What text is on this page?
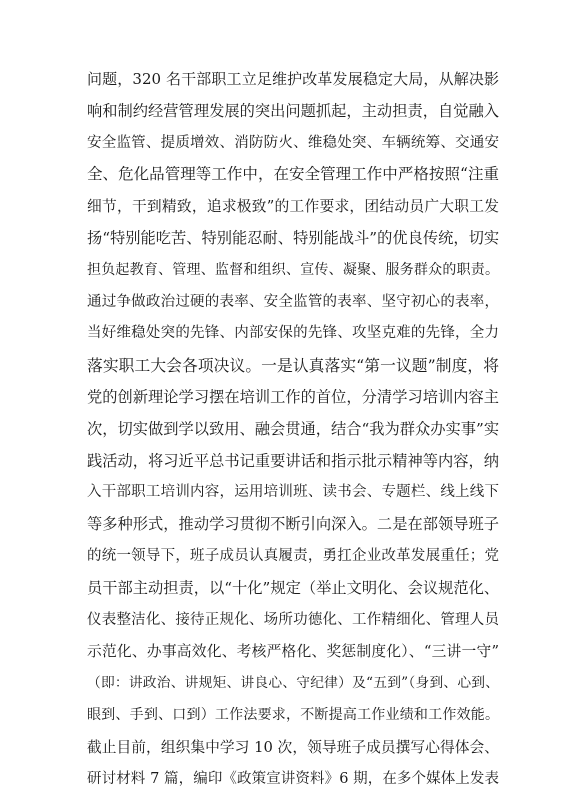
问题，320 名干部职工立足维护改革发展稳定大局，从解决影
响和制约经营管理发展的突出问题抓起，主动担责，自觉融入
安全监管、提质增效、消防防火、维稳处突、车辆统筹、交通安
全、危化品管理等工作中，在安全管理工作中严格按照“注重
细节，干到精致，追求极致”的工作要求，团结动员广大职工发
扬“特别能吃苦、特别能忍耐、特别能战斗”的优良传统，切实
担负起教育、管理、监督和组织、宣传、凝聚、服务群众的职责。
通过争做政治过硬的表率、安全监管的表率、坚守初心的表率，
当好维稳处突的先锋、内部安保的先锋、攻坚克难的先锋，全力
落实职工大会各项决议。一是认真落实“第一议题”制度，将
党的创新理论学习摆在培训工作的首位，分清学习培训内容主
次，切实做到学以致用、融会贯通，结合“我为群众办实事”实
践活动，将习近平总书记重要讲话和指示批示精神等内容，纳
入干部职工培训内容，运用培训班、读书会、专题栏、线上线下
等多种形式，推动学习贯彻不断引向深入。二是在部领导班子
的统一领导下，班子成员认真履责，勇扛企业改革发展重任；党
员干部主动担责，以“十化”规定（举止文明化、会议规范化、
仪表整洁化、接待正规化、场所功德化、工作精细化、管理人员
示范化、办事高效化、考核严格化、奖惩制度化）、“三讲一守”
（即：讲政治、讲规矩、讲良心、守纪律）及“五到”（身到、心到、
眼到、手到、口到）工作法要求，不断提高工作业绩和工作效能。
截止目前，组织集中学习 10 次，领导班子成员撰写心得体会、
研讨材料 7 篇，编印《政策宣讲资料》6 期，在多个媒体上发表
